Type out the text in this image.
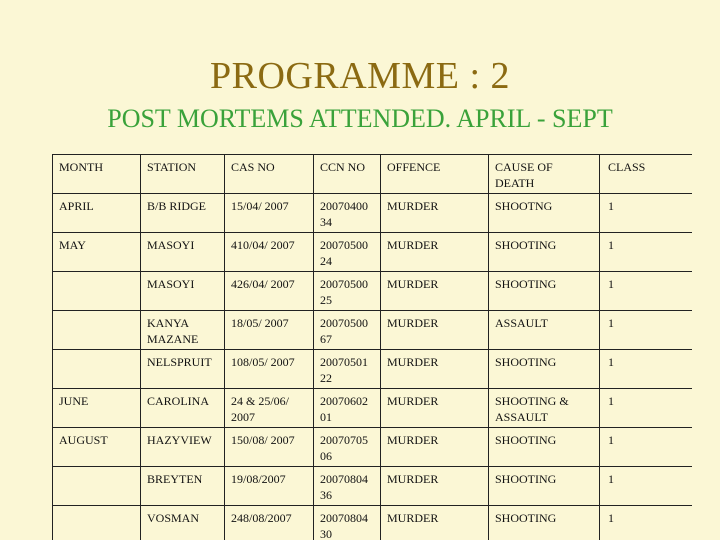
PROGRAMME : 2
POST MORTEMS ATTENDED. APRIL - SEPT
MONTH	STATION	CAS NO	CCN NO	OFFENCE	CAUSE OF DEATH	CLASS
APRIL	B/B RIDGE	15/04/ 2007	20070400 34	MURDER	SHOOTNG	1
MAY	MASOYI	410/04/ 2007	20070500 24	MURDER	SHOOTING	1
	MASOYI	426/04/ 2007	20070500 25	MURDER	SHOOTING	1
	KANYA MAZANE	18/05/ 2007	20070500 67	MURDER	ASSAULT	1
	NELSPRUIT	108/05/ 2007	20070501 22	MURDER	SHOOTING	1
JUNE	CAROLINA	24 & 25/06/ 2007	20070602 01	MURDER	SHOOTING & ASSAULT	1
AUGUST	HAZYVIEW	150/08/ 2007	20070705 06	MURDER	SHOOTING	1
	BREYTEN	19/08/2007	20070804 36	MURDER	SHOOTING	1
	VOSMAN	248/08/2007	20070804 30	MURDER	SHOOTING	1
